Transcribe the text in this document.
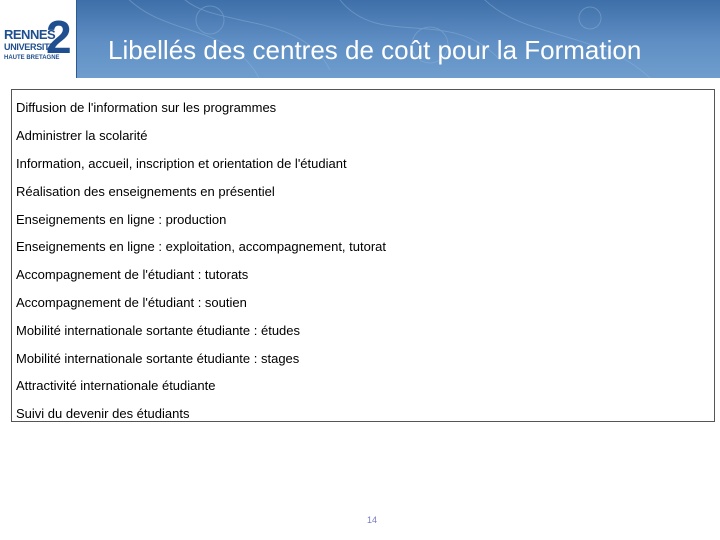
RENNES
UNIVERSITÉ
HAUTE BRETAGNE
2 Libellés des centres de coût pour la Formation
Diffusion de l'information sur les programmes
Administrer la scolarité
Information, accueil, inscription et orientation de l'étudiant
Réalisation des enseignements en présentiel
Enseignements en ligne : production
Enseignements en ligne : exploitation, accompagnement, tutorat
Accompagnement de l'étudiant : tutorats
Accompagnement de l'étudiant : soutien
Mobilité internationale sortante étudiante : études
Mobilité internationale sortante étudiante : stages
Attractivité internationale étudiante
Suivi du devenir des étudiants
14
